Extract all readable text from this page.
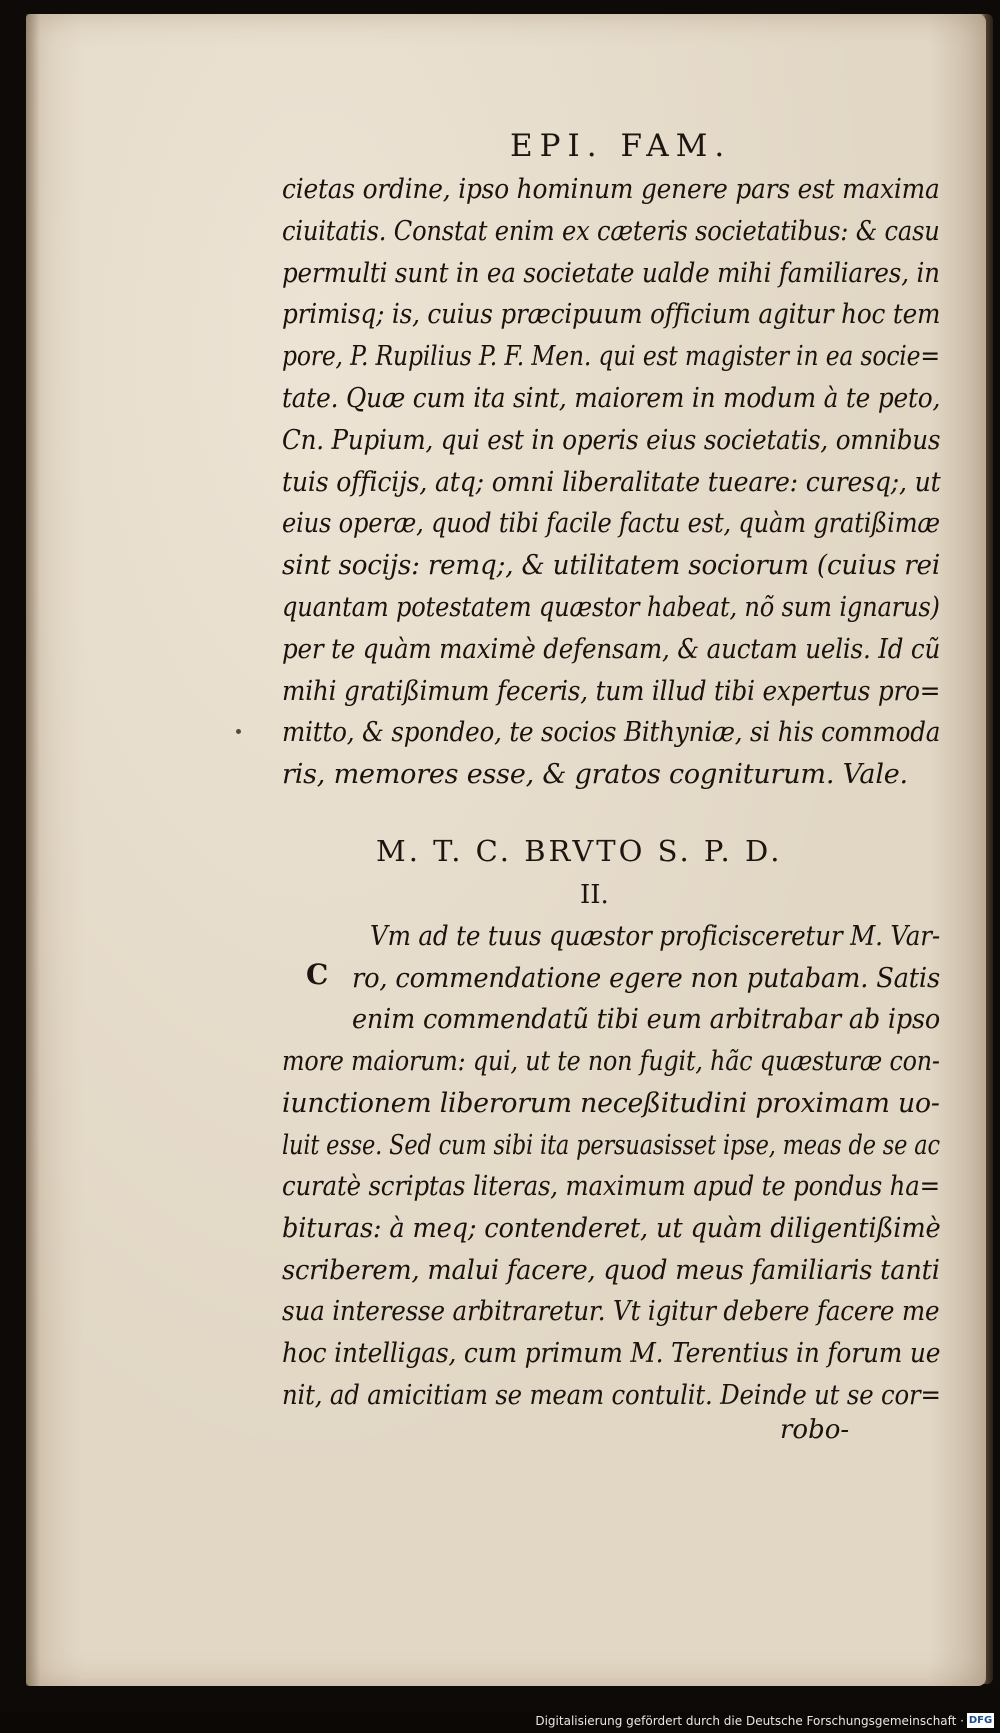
EPI. FAM.
cietas ordine, ipso hominum genere pars est maxima
ciuitatis. Constat enim ex cæteris societatibus: & casu
permulti sunt in ea societate ualde mihi familiares, in
primisq; is, cuius præcipuum officium agitur hoc tem
pore, P. Rupilius P. F. Men. qui est magister in ea socie=
tate. Quæ cum ita sint, maiorem in modum à te peto,
Cn. Pupium, qui est in operis eius societatis, omnibus
tuis officijs, atq; omni liberalitate tueare: curesq;, ut
eius operæ, quod tibi facile factu est, quàm gratißimæ
sint socijs: remq;, & utilitatem sociorum (cuius rei
quantam potestatem quæstor habeat, nõ sum ignarus)
per te quàm maximè defensam, & auctam uelis. Id cũ
mihi gratißimum feceris, tum illud tibi expertus pro=
mitto, & spondeo, te socios Bithyniæ, si his commoda
ris, memores esse, & gratos cogniturum. Vale.
M. T. C. BRVTO S. P. D.
II.
C
Vm ad te tuus quæstor proficisceretur M. Var-
ro, commendatione egere non putabam. Satis
enim commendatũ tibi eum arbitrabar ab ipso
more maiorum: qui, ut te non fugit, hãc quæsturæ con-
iunctionem liberorum neceßitudini proximam uo-
luit esse. Sed cum sibi ita persuasisset ipse, meas de se ac
curatè scriptas literas, maximum apud te pondus ha=
bituras: à meq; contenderet, ut quàm diligentißimè
scriberem, malui facere, quod meus familiaris tanti
sua interesse arbitraretur. Vt igitur debere facere me
hoc intelligas, cum primum M. Terentius in forum ue
nit, ad amicitiam se meam contulit. Deinde ut se cor=
robo-
Digitalisierung gefördert durch die Deutsche Forschungsgemeinschaft · DFG
